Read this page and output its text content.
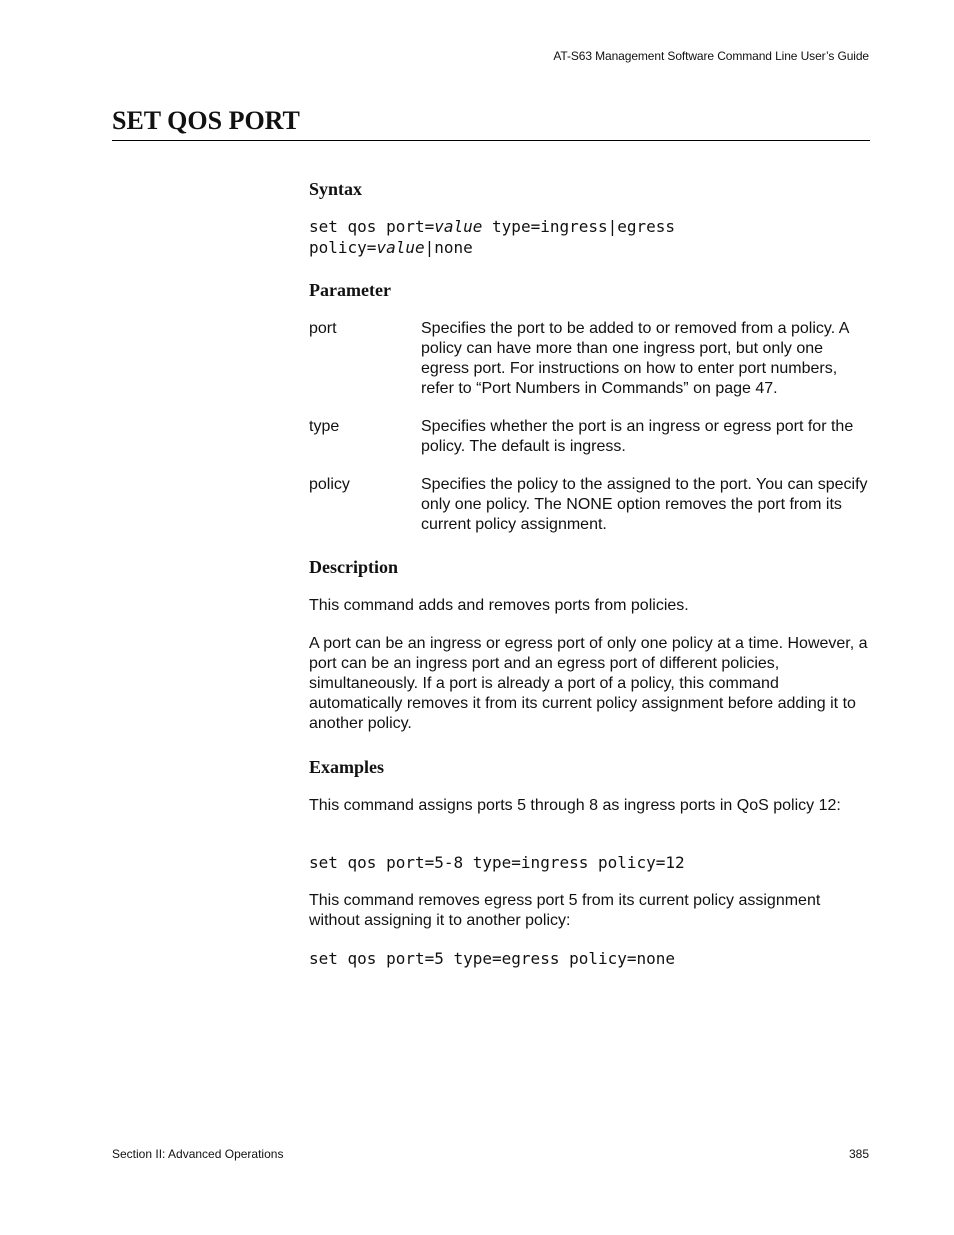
AT-S63 Management Software Command Line User’s Guide
SET QOS PORT
Syntax
set qos port=value type=ingress|egress
policy=value|none
Parameter
port	Specifies the port to be added to or removed from a policy. A policy can have more than one ingress port, but only one egress port. For instructions on how to enter port numbers, refer to “Port Numbers in Commands” on page 47.
type	Specifies whether the port is an ingress or egress port for the policy. The default is ingress.
policy	Specifies the policy to the assigned to the port. You can specify only one policy. The NONE option removes the port from its current policy assignment.
Description

This command adds and removes ports from policies.

A port can be an ingress or egress port of only one policy at a time. However, a port can be an ingress port and an egress port of different policies, simultaneously. If a port is already a port of a policy, this command automatically removes it from its current policy assignment before adding it to another policy.

Examples

This command assigns ports 5 through 8 as ingress ports in QoS policy 12:

set qos port=5-8 type=ingress policy=12

This command removes egress port 5 from its current policy assignment without assigning it to another policy:

set qos port=5 type=egress policy=none
Section II: Advanced Operations	385
